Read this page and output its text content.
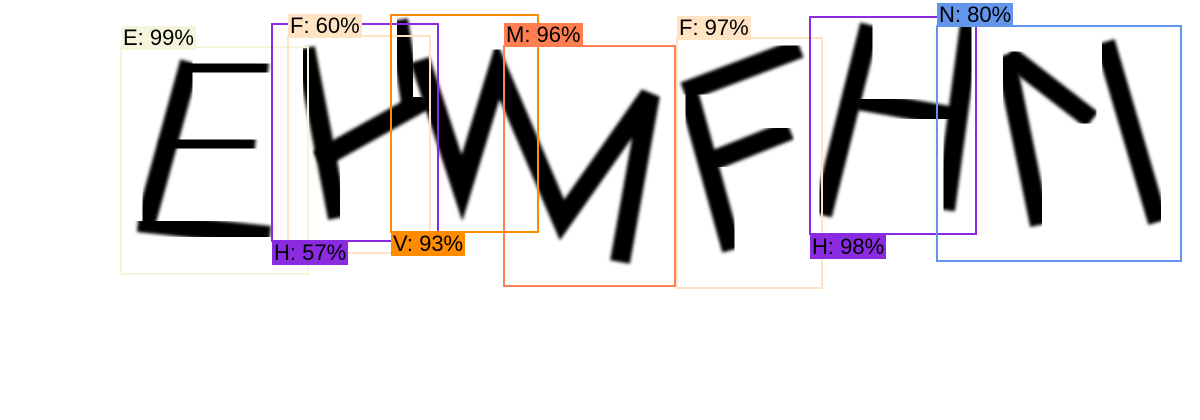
E: 99%	F: 60%
H: 57% V: 93%
M: 96%	F: 97%
H: 98%
N: 80%
